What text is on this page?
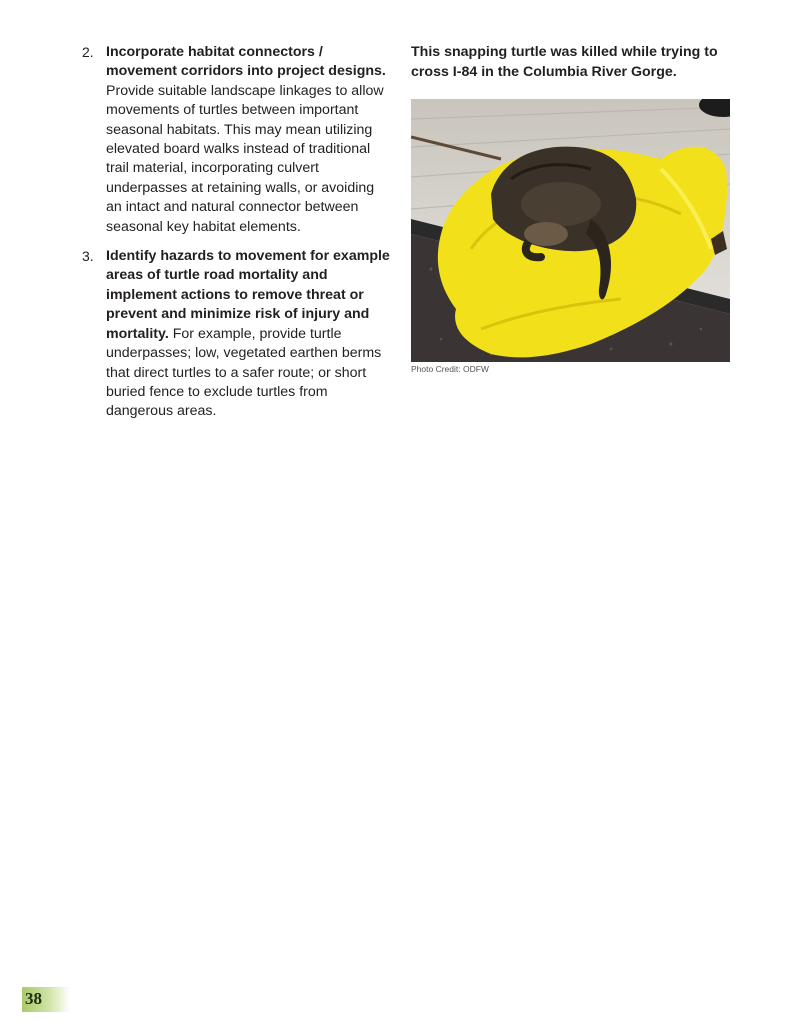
2. Incorporate habitat connectors / movement corridors into project designs. Provide suitable landscape linkages to allow movements of turtles between important seasonal habitats. This may mean utilizing elevated board walks instead of traditional trail material, incorporating culvert underpasses at retaining walls, or avoiding an intact and natural connector between seasonal key habitat elements.
3. Identify hazards to movement for example areas of turtle road mortality and implement actions to remove threat or prevent and minimize risk of injury and mortality. For example, provide turtle underpasses; low, vegetated earthen berms that direct turtles to a safer route; or short buried fence to exclude turtles from dangerous areas.

This snapping turtle was killed while trying to cross I-84 in the Columbia River Gorge.

Photo Credit: ODFW
38
